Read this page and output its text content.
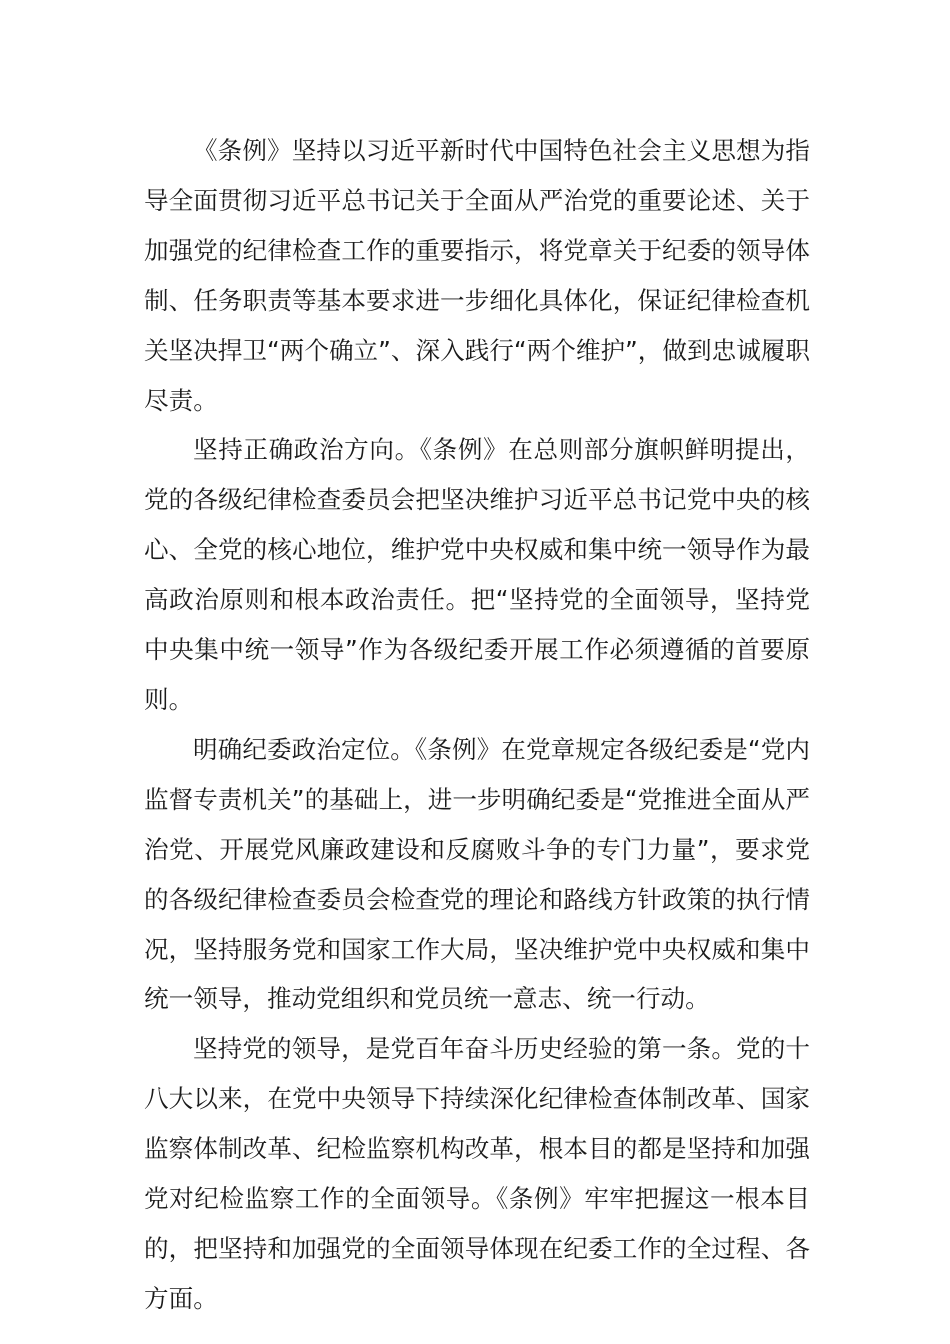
《条例》坚持以习近平新时代中国特色社会主义思想为指导全面贯彻习近平总书记关于全面从严治党的重要论述、关于加强党的纪律检查工作的重要指示，将党章关于纪委的领导体制、任务职责等基本要求进一步细化具体化，保证纪律检查机关坚决捍卫“两个确立”、深入践行“两个维护”，做到忠诚履职尽责。

坚持正确政治方向。《条例》在总则部分旗帜鲜明提出，党的各级纪律检查委员会把坚决维护习近平总书记党中央的核心、全党的核心地位，维护党中央权威和集中统一领导作为最高政治原则和根本政治责任。把“坚持党的全面领导，坚持党中央集中统一领导”作为各级纪委开展工作必须遵循的首要原则。

明确纪委政治定位。《条例》在党章规定各级纪委是“党内监督专责机关”的基础上，进一步明确纪委是“党推进全面从严治党、开展党风廉政建设和反腐败斗争的专门力量”，要求党的各级纪律检查委员会检查党的理论和路线方针政策的执行情况，坚持服务党和国家工作大局，坚决维护党中央权威和集中统一领导，推动党组织和党员统一意志、统一行动。

坚持党的领导，是党百年奋斗历史经验的第一条。党的十八大以来，在党中央领导下持续深化纪律检查体制改革、国家监察体制改革、纪检监察机构改革，根本目的都是坚持和加强党对纪检监察工作的全面领导。《条例》牢牢把握这一根本目的，把坚持和加强党的全面领导体现在纪委工作的全过程、各方面。
